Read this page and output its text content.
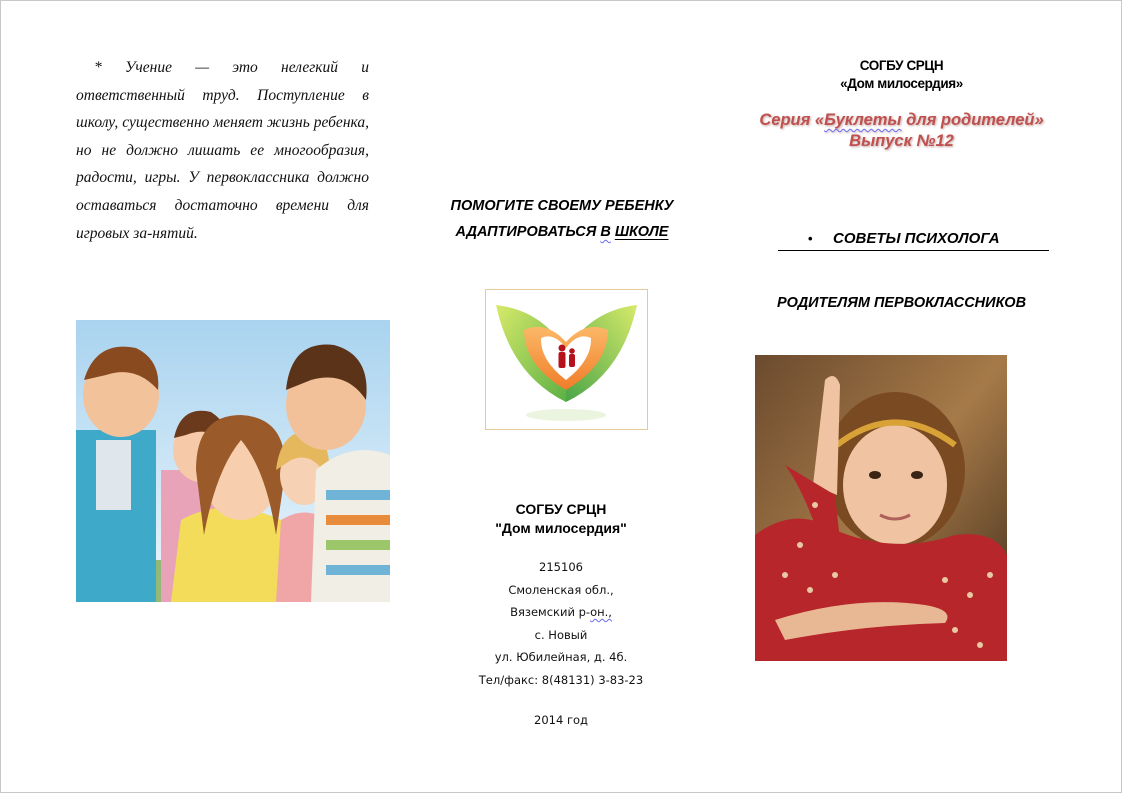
* Учение — это нелегкий и ответственный труд. Поступление в школу, существенно меняет жизнь ребенка, но не должно лишать ее многообразия, радости, игры. У первоклассника должно оставаться достаточно времени для игровых за-нятий.

ПОМОГИТЕ СВОЕМУ РЕБЕНКУ
АДАПТИРОВАТЬСЯ В ШКОЛЕ
СОГБУ СРЦН
"Дом милосердия"
215106
Смоленская обл.,
Вяземский р-он.,
с. Новый
ул. Юбилейная, д. 4б.
Тел/факс: 8(48131) 3-83-23
2014 год
СОГБУ СРЦН
«Дом милосердия»
Серия «Буклеты для родителей»
Выпуск №12
• СОВЕТЫ ПСИХОЛОГА
РОДИТЕЛЯМ ПЕРВОКЛАССНИКОВ
